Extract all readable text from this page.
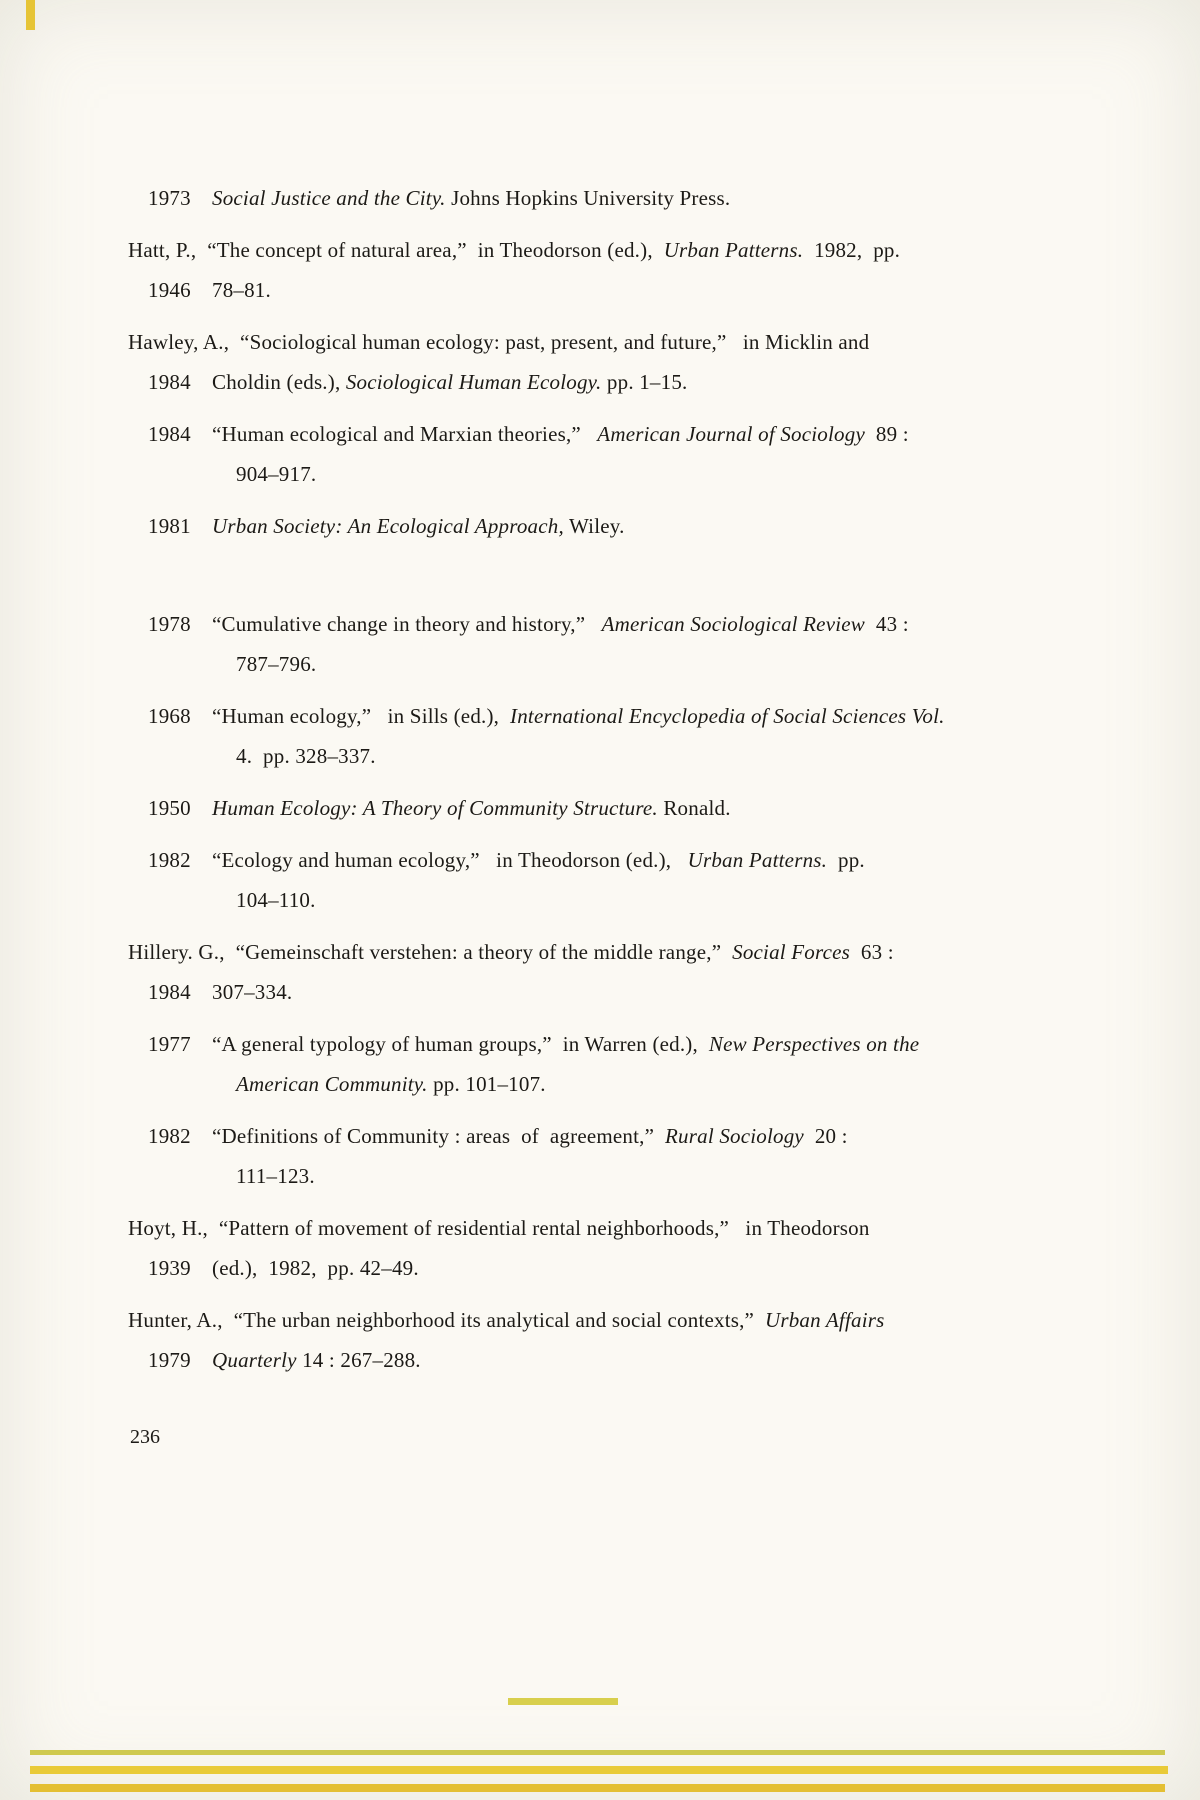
1973 Social Justice and the City. Johns Hopkins University Press.
Hatt, P.,  “The concept of natural area,”  in Theodorson (ed.),  Urban Patterns.  1982,  pp.
1946 78–81.
Hawley, A.,  “Sociological human ecology: past, present, and future,”   in Micklin and
1984 Choldin (eds.), Sociological Human Ecology. pp. 1–15.
1984 “Human ecological and Marxian theories,”   American Journal of Sociology  89 :
904–917.
1981 Urban Society: An Ecological Approach, Wiley.
1978 “Cumulative change in theory and history,”   American Sociological Review  43 :
787–796.
1968 “Human ecology,”   in Sills (ed.),  International Encyclopedia of Social Sciences Vol.
4.  pp. 328–337.
1950 Human Ecology: A Theory of Community Structure. Ronald.
1982 “Ecology and human ecology,”   in Theodorson (ed.),   Urban Patterns.  pp.
104–110.
Hillery. G.,  “Gemeinschaft verstehen: a theory of the middle range,”  Social Forces  63 :
1984 307–334.
1977 “A general typology of human groups,”  in Warren (ed.),  New Perspectives on the
American Community. pp. 101–107.
1982 “Definitions of Community : areas  of  agreement,”  Rural Sociology  20 :
111–123.
Hoyt, H.,  “Pattern of movement of residential rental neighborhoods,”   in Theodorson
1939 (ed.),  1982,  pp. 42–49.
Hunter, A.,  “The urban neighborhood its analytical and social contexts,”  Urban Affairs
1979 Quarterly 14 : 267–288.
236
